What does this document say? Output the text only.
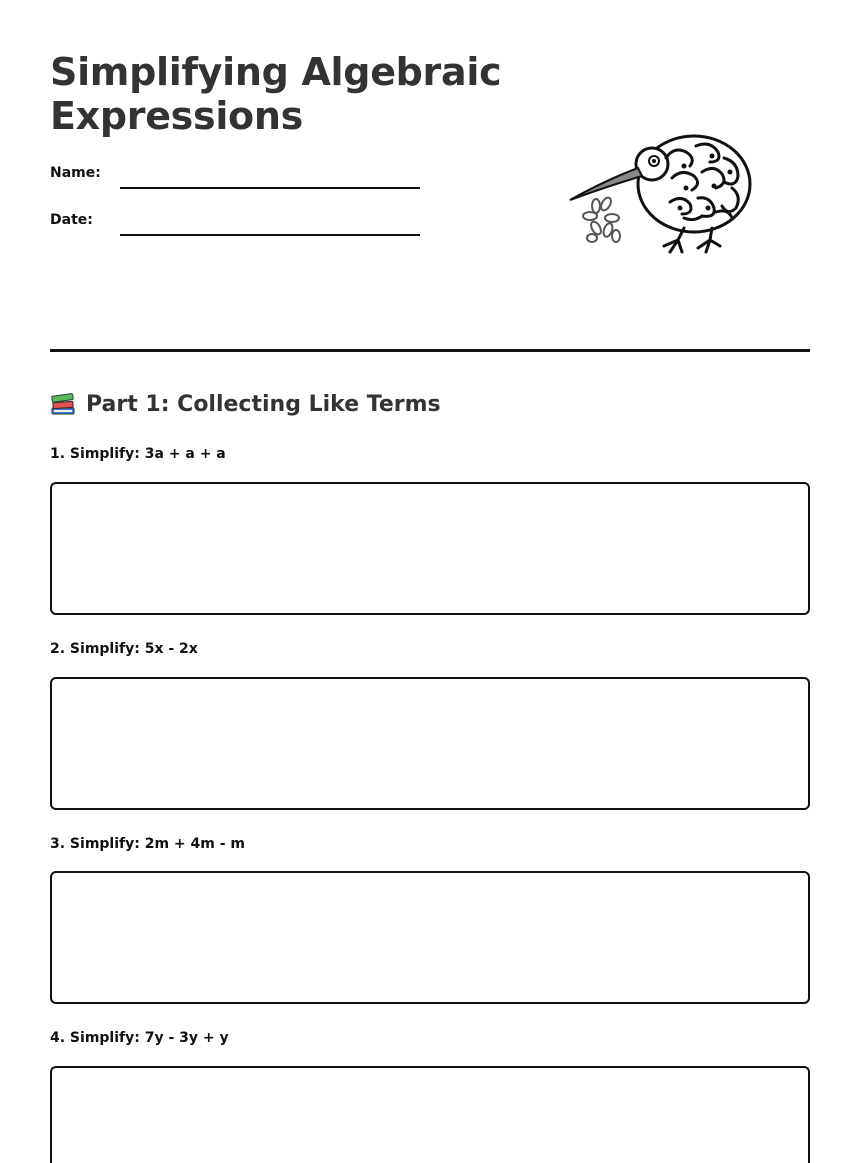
Simplifying Algebraic Expressions
Name:
Date:
Part 1: Collecting Like Terms
1. Simplify: 3a + a + a
2. Simplify: 5x - 2x
3. Simplify: 2m + 4m - m
4. Simplify: 7y - 3y + y
